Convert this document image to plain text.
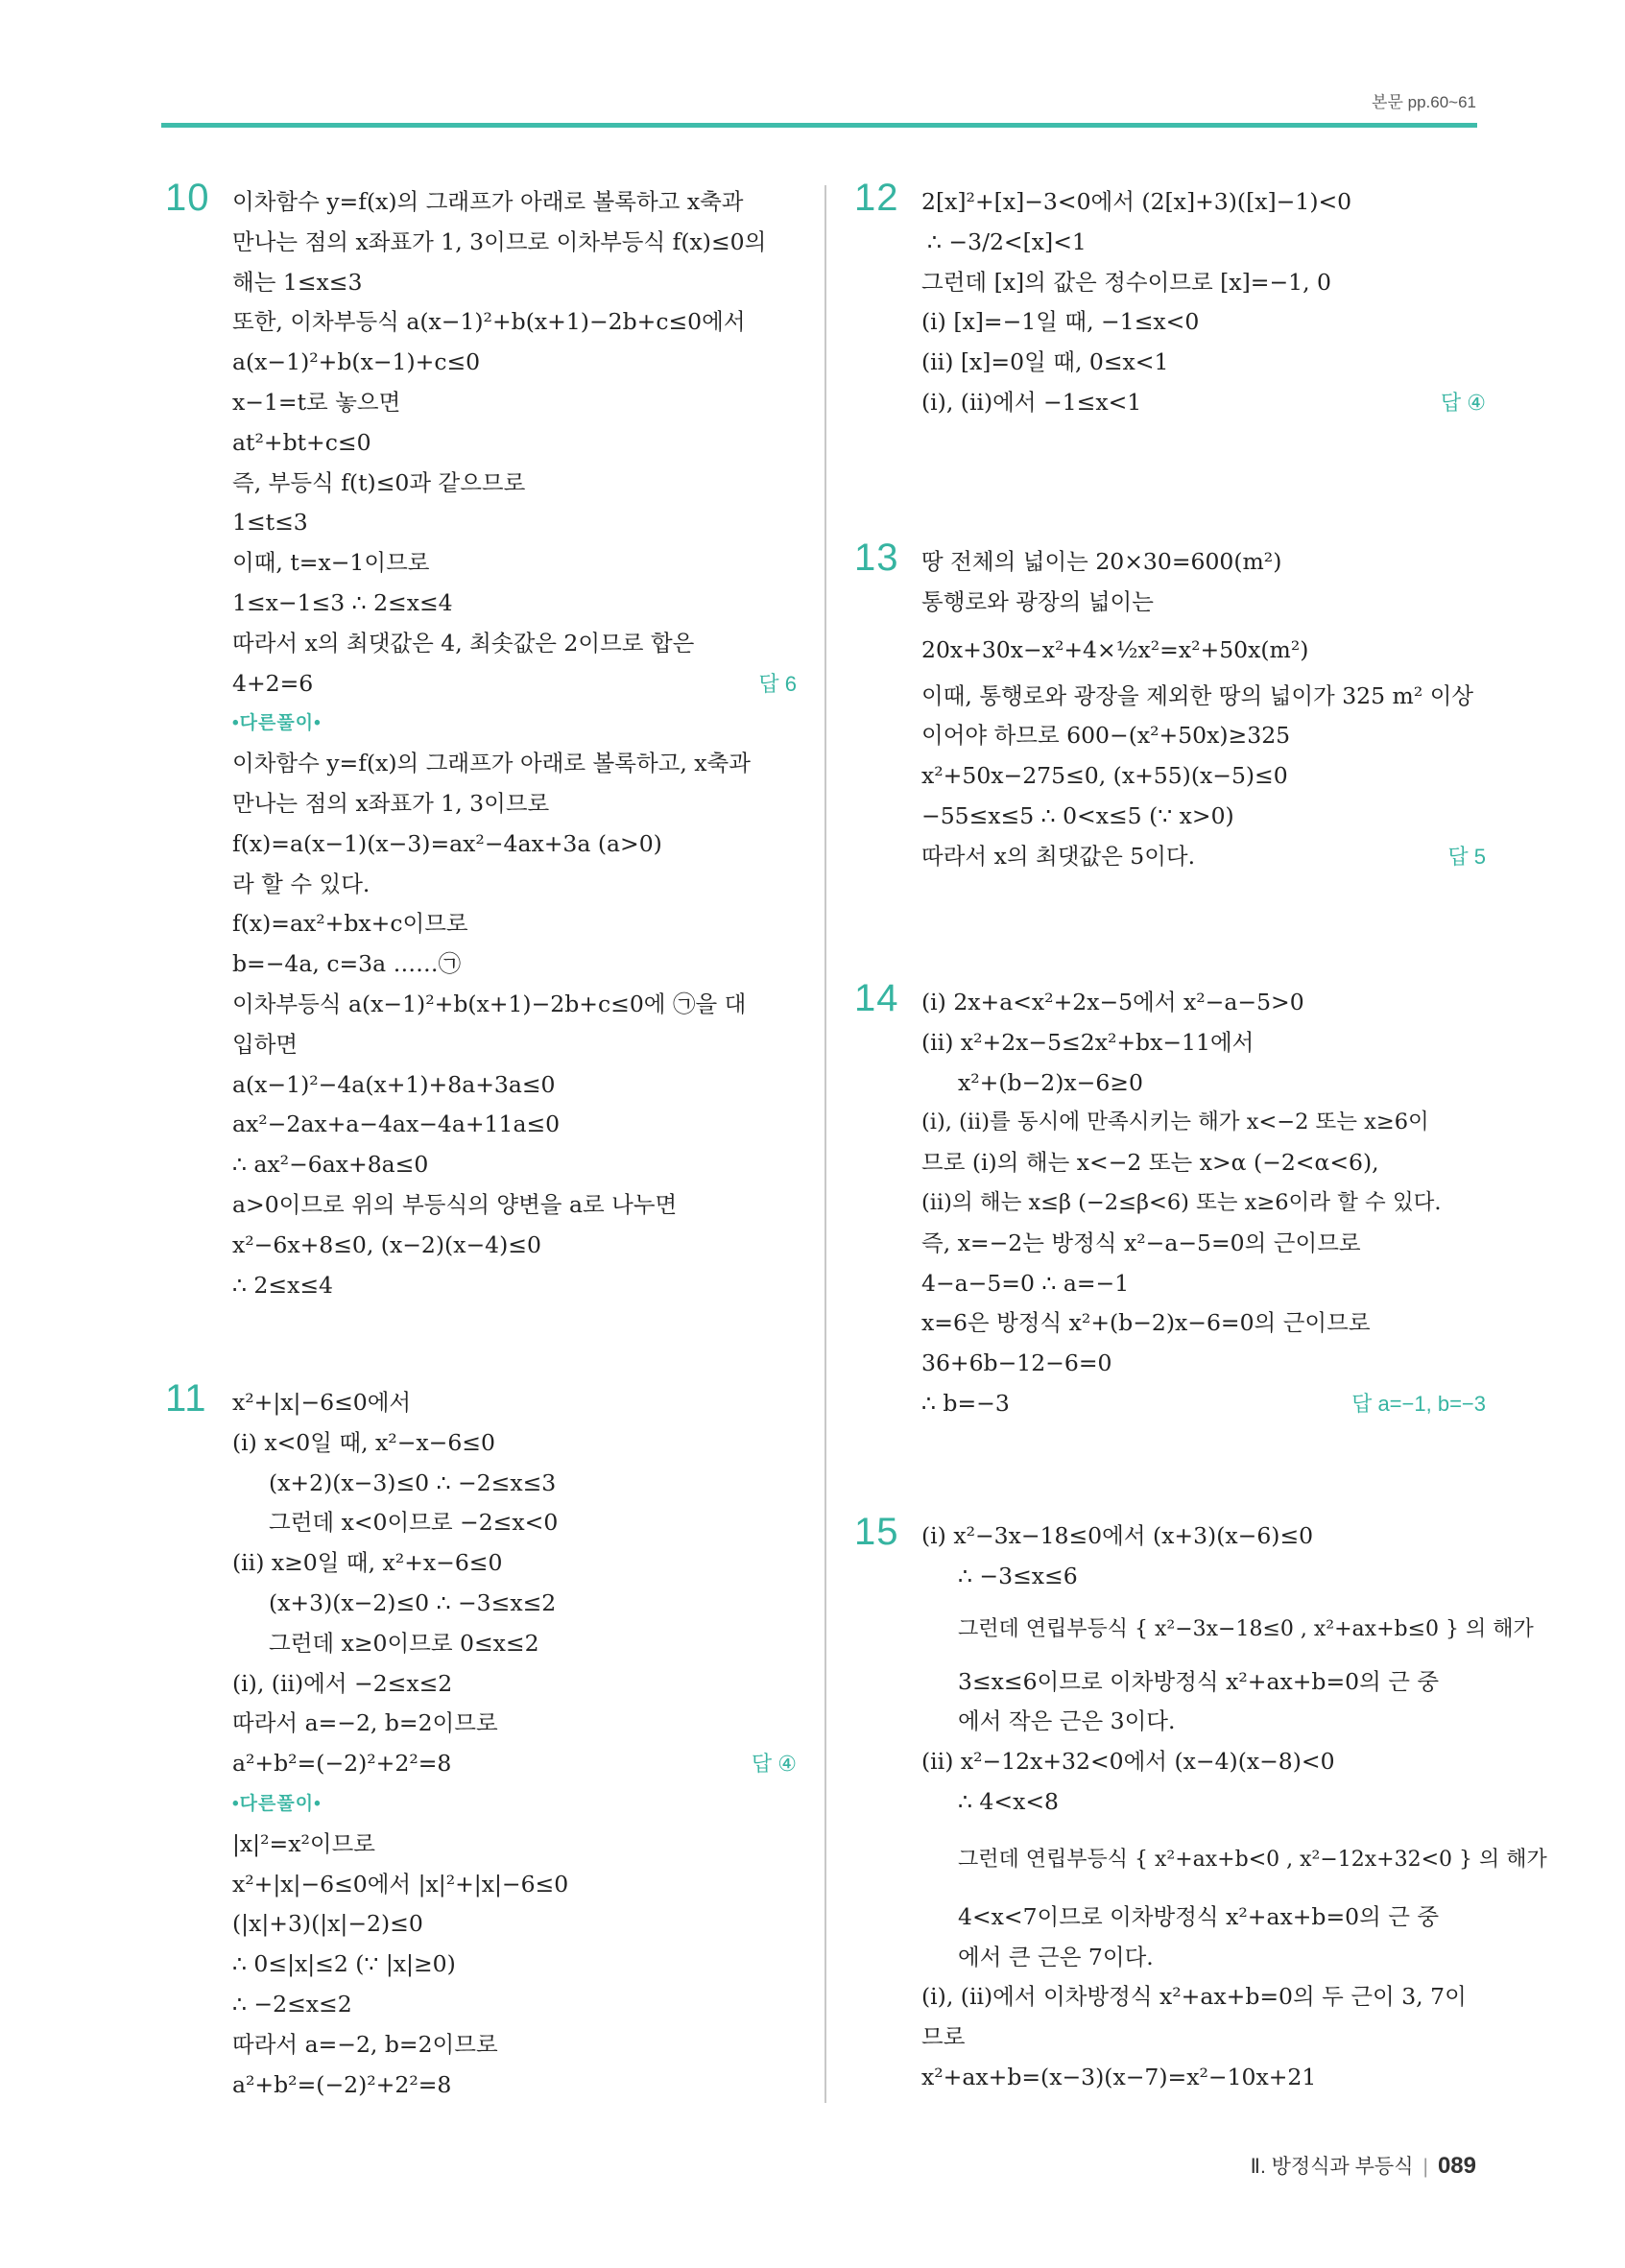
본문 pp.60~61
10 이차함수 y=f(x)의 그래프가 아래로 볼록하고 x축과
만나는 점의 x좌표가 1, 3이므로 이차부등식 f(x)≤0의
해는 1≤x≤3
또한, 이차부등식 a(x−1)²+b(x+1)−2b+c≤0에서
a(x−1)²+b(x−1)+c≤0
x−1=t로 놓으면
at²+bt+c≤0
즉, 부등식 f(t)≤0과 같으므로
1≤t≤3
이때, t=x−1이므로
1≤x−1≤3 ∴ 2≤x≤4
따라서 x의 최댓값은 4, 최솟값은 2이므로 합은
4+2=6	답 6
•다른풀이•
이차함수 y=f(x)의 그래프가 아래로 볼록하고, x축과
만나는 점의 x좌표가 1, 3이므로
f(x)=a(x−1)(x−3)=ax²−4ax+3a (a>0)
라 할 수 있다.
f(x)=ax²+bx+c이므로
b=−4a, c=3a ……㉠
이차부등식 a(x−1)²+b(x+1)−2b+c≤0에 ㉠을 대
입하면
a(x−1)²−4a(x+1)+8a+3a≤0
ax²−2ax+a−4ax−4a+11a≤0
∴ ax²−6ax+8a≤0
a>0이므로 위의 부등식의 양변을 a로 나누면
x²−6x+8≤0, (x−2)(x−4)≤0
∴ 2≤x≤4
11 x²+|x|−6≤0에서
(ⅰ) x<0일 때, x²−x−6≤0
(x+2)(x−3)≤0 ∴ −2≤x≤3
그런데 x<0이므로 −2≤x<0
(ⅱ) x≥0일 때, x²+x−6≤0
(x+3)(x−2)≤0 ∴ −3≤x≤2
그런데 x≥0이므로 0≤x≤2
(ⅰ), (ⅱ)에서 −2≤x≤2
따라서 a=−2, b=2이므로
a²+b²=(−2)²+2²=8	답 ④
•다른풀이•
|x|²=x²이므로
x²+|x|−6≤0에서 |x|²+|x|−6≤0
(|x|+3)(|x|−2)≤0
∴ 0≤|x|≤2 (∵ |x|≥0)
∴ −2≤x≤2
따라서 a=−2, b=2이므로
a²+b²=(−2)²+2²=8
12 2[x]²+[x]−3<0에서 (2[x]+3)([x]−1)<0
∴ −3/2<[x]<1
그런데 [x]의 값은 정수이므로 [x]=−1, 0
(ⅰ) [x]=−1일 때, −1≤x<0
(ⅱ) [x]=0일 때, 0≤x<1
(ⅰ), (ⅱ)에서 −1≤x<1	답 ④
13 땅 전체의 넓이는 20×30=600(m²)
통행로와 광장의 넓이는
20x+30x−x²+4×½x²=x²+50x(m²)
이때, 통행로와 광장을 제외한 땅의 넓이가 325 m² 이상
이어야 하므로 600−(x²+50x)≥325
x²+50x−275≤0, (x+55)(x−5)≤0
−55≤x≤5 ∴ 0<x≤5 (∵ x>0)
따라서 x의 최댓값은 5이다.	답 5
14 (ⅰ) 2x+a<x²+2x−5에서 x²−a−5>0
(ⅱ) x²+2x−5≤2x²+bx−11에서
x²+(b−2)x−6≥0
(ⅰ), (ⅱ)를 동시에 만족시키는 해가 x<−2 또는 x≥6이
므로 (ⅰ)의 해는 x<−2 또는 x>α (−2<α<6),
(ⅱ)의 해는 x≤β (−2≤β<6) 또는 x≥6이라 할 수 있다.
즉, x=−2는 방정식 x²−a−5=0의 근이므로
4−a−5=0 ∴ a=−1
x=6은 방정식 x²+(b−2)x−6=0의 근이므로
36+6b−12−6=0
∴ b=−3	답 a=−1, b=−3
15 (ⅰ) x²−3x−18≤0에서 (x+3)(x−6)≤0
∴ −3≤x≤6
그런데 연립부등식 { x²−3x−18≤0 , x²+ax+b≤0 } 의 해가
3≤x≤6이므로 이차방정식 x²+ax+b=0의 근 중
에서 작은 근은 3이다.
(ⅱ) x²−12x+32<0에서 (x−4)(x−8)<0
∴ 4<x<8
그런데 연립부등식 { x²+ax+b<0 , x²−12x+32<0 } 의 해가
4<x<7이므로 이차방정식 x²+ax+b=0의 근 중
에서 큰 근은 7이다.
(ⅰ), (ⅱ)에서 이차방정식 x²+ax+b=0의 두 근이 3, 7이
므로
x²+ax+b=(x−3)(x−7)=x²−10x+21
Ⅱ. 방정식과 부등식 | 089
